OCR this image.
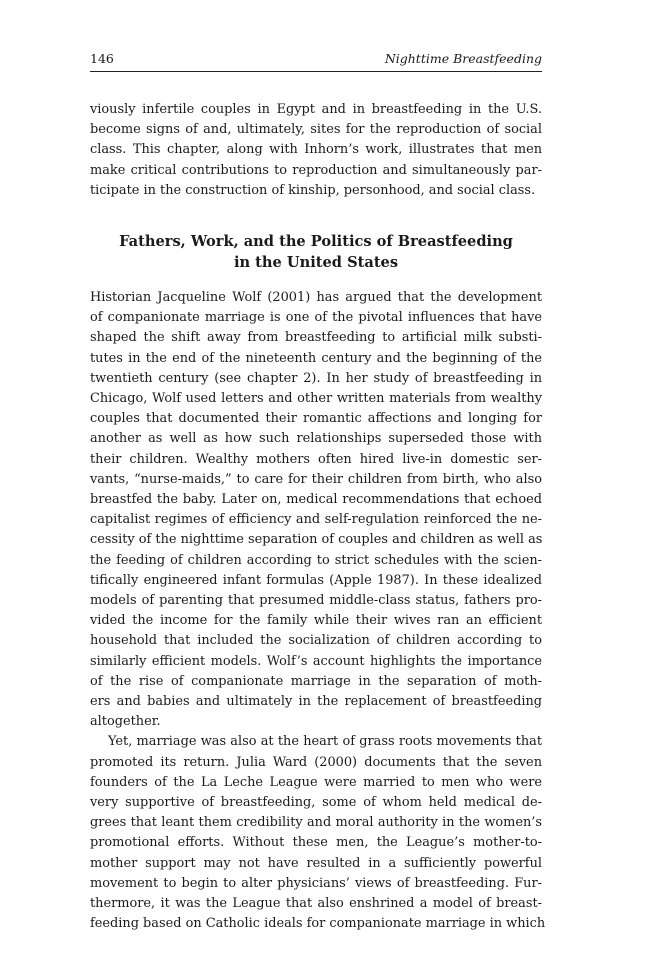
146	Nighttime Breastfeeding
viously infertile couples in Egypt and in breastfeeding in the U.S.
become signs of and, ultimately, sites for the reproduction of social
class. This chapter, along with Inhorn’s work, illustrates that men
make critical contributions to reproduction and simultaneously par-
ticipate in the construction of kinship, personhood, and social class.
Fathers, Work, and the Politics of Breastfeeding
in the United States
Historian Jacqueline Wolf (2001) has argued that the development
of companionate marriage is one of the pivotal influences that have
shaped the shift away from breastfeeding to artificial milk substi-
tutes in the end of the nineteenth century and the beginning of the
twentieth century (see chapter 2). In her study of breastfeeding in
Chicago, Wolf used letters and other written materials from wealthy
couples that documented their romantic affections and longing for
another as well as how such relationships superseded those with
their children. Wealthy mothers often hired live-in domestic ser-
vants, “nurse-maids,” to care for their children from birth, who also
breastfed the baby. Later on, medical recommendations that echoed
capitalist regimes of efficiency and self-regulation reinforced the ne-
cessity of the nighttime separation of couples and children as well as
the feeding of children according to strict schedules with the scien-
tifically engineered infant formulas (Apple 1987). In these idealized
models of parenting that presumed middle-class status, fathers pro-
vided the income for the family while their wives ran an efficient
household that included the socialization of children according to
similarly efficient models. Wolf’s account highlights the importance
of the rise of companionate marriage in the separation of moth-
ers and babies and ultimately in the replacement of breastfeeding
altogether.
Yet, marriage was also at the heart of grass roots movements that
promoted its return. Julia Ward (2000) documents that the seven
founders of the La Leche League were married to men who were
very supportive of breastfeeding, some of whom held medical de-
grees that leant them credibility and moral authority in the women’s
promotional efforts. Without these men, the League’s mother-to-
mother support may not have resulted in a sufficiently powerful
movement to begin to alter physicians’ views of breastfeeding. Fur-
thermore, it was the League that also enshrined a model of breast-
feeding based on Catholic ideals for companionate marriage in which
